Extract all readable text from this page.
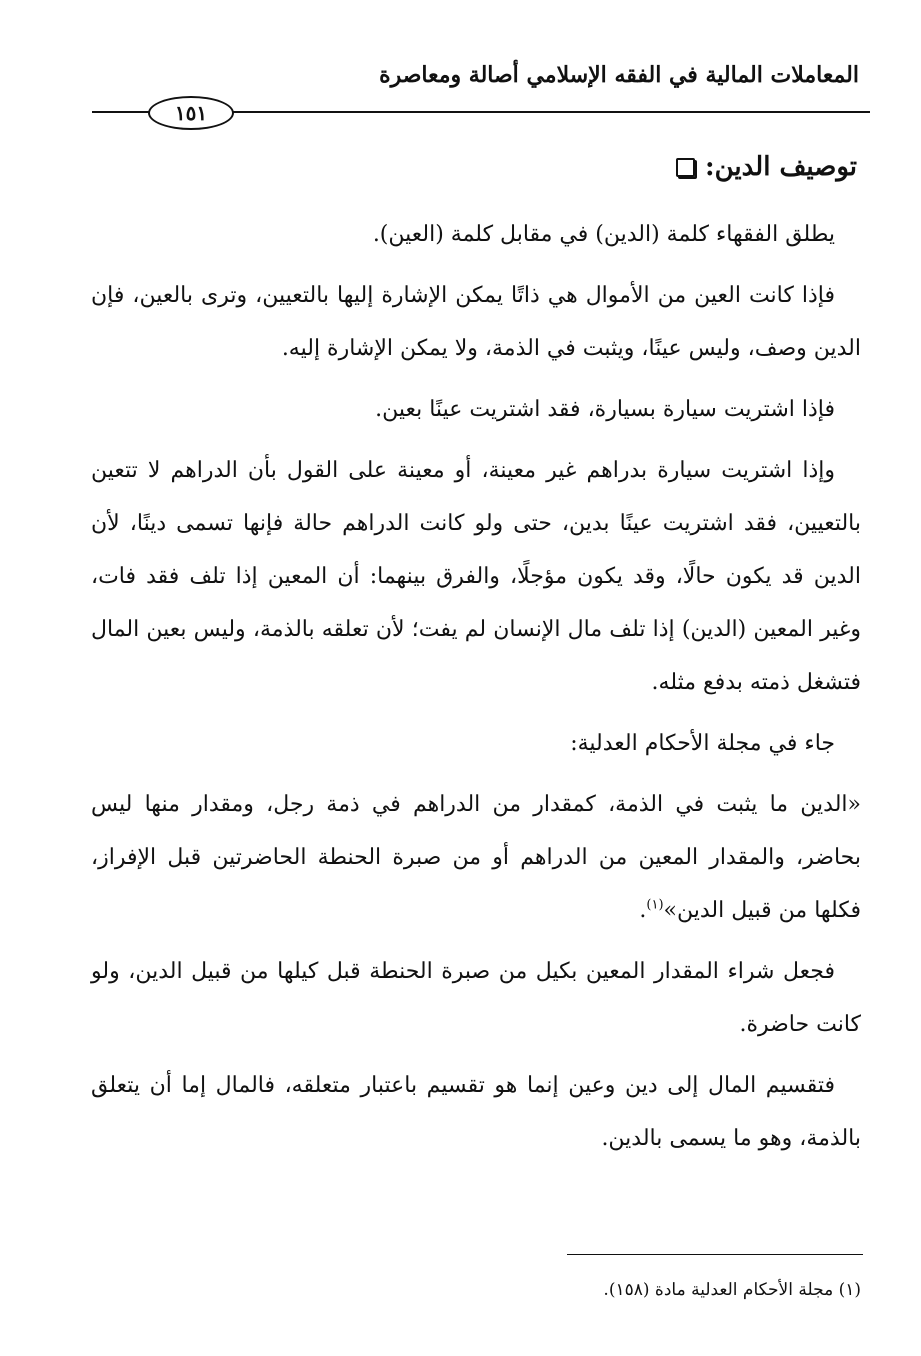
المعاملات المالية في الفقه الإسلامي أصالة ومعاصرة
١٥١
توصيف الدين:

يطلق الفقهاء كلمة (الدين) في مقابل كلمة (العين).

فإذا كانت العين من الأموال هي ذاتًا يمكن الإشارة إليها بالتعيين، وترى بالعين، فإن الدين وصف، وليس عينًا، ويثبت في الذمة، ولا يمكن الإشارة إليه.

فإذا اشتريت سيارة بسيارة، فقد اشتريت عينًا بعين.

وإذا اشتريت سيارة بدراهم غير معينة، أو معينة على القول بأن الدراهم لا تتعين بالتعيين، فقد اشتريت عينًا بدين، حتى ولو كانت الدراهم حالة فإنها تسمى دينًا، لأن الدين قد يكون حالًا، وقد يكون مؤجلًا، والفرق بينهما: أن المعين إذا تلف فقد فات، وغير المعين (الدين) إذا تلف مال الإنسان لم يفت؛ لأن تعلقه بالذمة، وليس بعين المال فتشغل ذمته بدفع مثله.

جاء في مجلة الأحكام العدلية:

«الدين ما يثبت في الذمة، كمقدار من الدراهم في ذمة رجل، ومقدار منها ليس بحاضر، والمقدار المعين من الدراهم أو من صبرة الحنطة الحاضرتين قبل الإفراز، فكلها من قبيل الدين»$^{(١)}$.

فجعل شراء المقدار المعين بكيل من صبرة الحنطة قبل كيلها من قبيل الدين، ولو كانت حاضرة.

فتقسيم المال إلى دين وعين إنما هو تقسيم باعتبار متعلقه، فالمال إما أن يتعلق بالذمة، وهو ما يسمى بالدين.

(١) مجلة الأحكام العدلية مادة (١٥٨).
